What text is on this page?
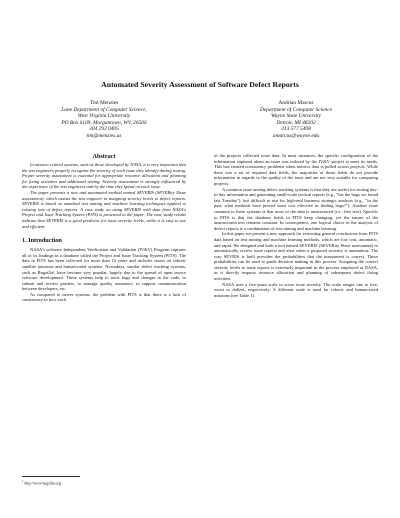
Automated Severity Assessment of Software Defect Reports
Tim Menzies
Lane Department of Computer Science,
West Virginia University
PO Box 6109, Morgantown, WV, 26506
304 293 0405
tim@menzies.us
Andrian Marcus
Department of Computer Science
Wayne State University
Detroit, MI 48202
313 577 5408
amarcus@wayne.edu
Abstract

In mission critical systems, such as those developed by NASA, it is very important that the test engineers properly recognize the severity of each issue they identify during testing. Proper severity assessment is essential for appropriate resource allocation and planning for fixing activities and additional testing. Severity assessment is strongly influenced by the experience of the test engineers and by the time they spend on each issue.

The paper presents a new and automated method named SEVERIS (SEVERity ISsue assessment), which assists the test engineer in assigning severity levels to defect reports. SEVERIS is based on standard text mining and machine learning techniques applied to existing sets of defect reports. A case study on using SEVERIS with data from NASA's Project and Issue Tracking System (PITS) is presented in the paper. The case study results indicate that SEVERIS is a good predictor for issue severity levels, while it is easy to use and efficient.

1. Introduction

NASA's software Independent Verification and Validation (IV&V) Program captures all of its findings in a database called the Project and Issue Tracking System (PITS). The data in PITS has been collected for more than 10 years and includes issues on robotic satellite missions and human-rated systems. Nowadays, similar defect tracking systems, such as Bugzilla¹, have become very popular, largely due to the spread of open source software development. These systems help to track bugs and changes in the code, to submit and review patches, to manage quality assurance, to support communication between developers, etc.

As compared to newer systems, the problem with PITS is that there is a lack of consistency in how each

of the projects collected issue data. In most instances, the specific configuration of the information captured about an issue was tailored by the IV&V project to meet its needs. This has created consistency problems when metrics data is pulled across projects. While there was a set of required data fields, the majorities of those fields do not provide information in regards to the quality of the issue and are not very suitable for comparing projects.

A common issue among defect tracking systems is that they are useful for storing day-to-day information and generating small-scale tactical reports (e.g., "list the bugs we found last Tuesday"), but difficult to use for high-end business strategic analysis (e.g., "in the past, what methods have proved most cost effective in finding bugs?"). Another issue common to these systems is that most of the data is unstructured (i.e., free text). Specific to PITS is that the database fields in PITS keep changing, yet the nature of the unstructured text remains constant. In consequence, one logical choice in the analysis of defect reports is a combination of text mining and machine learning.

In this paper we present a new approach for extracting general conclusions from PITS data based on text mining and machine learning methods, which are low cost, automatic, and rapid. We designed and built a tool named SEVERIS (SEVERity ISsue assessment) to automatically review issue reports and alert when a proposed severity is anomalous. The way SEVRIS is built provides the probabilities that the assessment is correct. These probabilities can be used to guide decision making in this process. Assigning the correct severity levels to issue reports is extremely important in the process employed at NASA, as it directly impacts resource allocation and planning of subsequent defect fixing activities.

NASA uses a five-point scale to score issue severity. The scale ranges one to five, worst to dullest, respectively. A different scale is used for robotic and human-rated missions (see Table 1).

$^1$ http://www.bugzilla.org/
